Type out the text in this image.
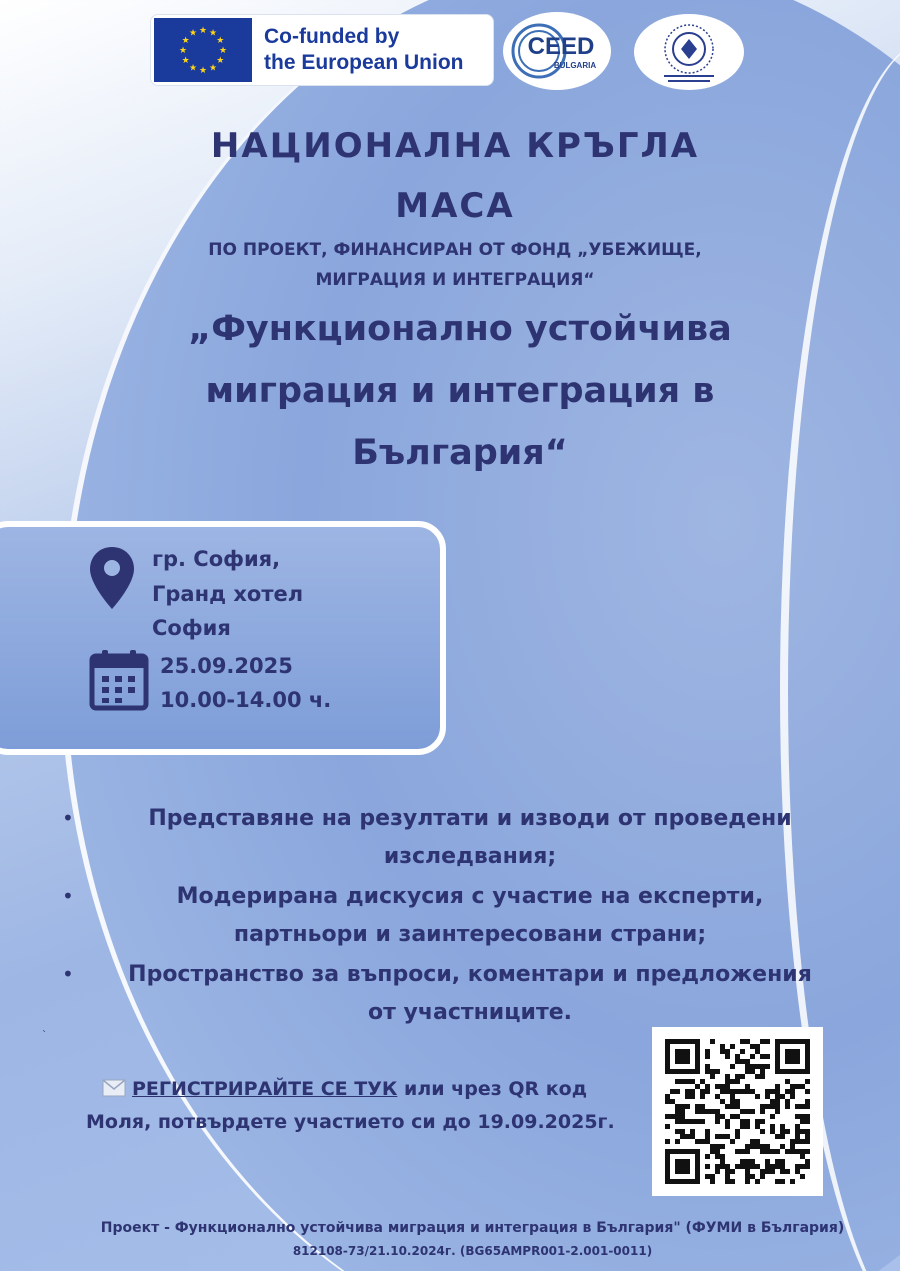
★
★
★
★
★
★
★
★
★ ★ ★
★ Co-funded by
the European Union
CEED
BULGARIA
НАЦИОНАЛНА КРЪГЛА
МАСА
ПО ПРОЕКТ, ФИНАНСИРАН ОТ ФОНД „УБЕЖИЩЕ,
МИГРАЦИЯ И ИНТЕГРАЦИЯ“
„Функционално устойчива
миграция и интеграция в
България“
гр. София,
Гранд хотел
София
25.09.2025
10.00-14.00 ч.
•	Представяне на резултати и изводи от проведени
изследвания;
•	Модерирана дискусия с участие на експерти,
партньори и заинтересовани страни;
•	Пространство за въпроси, коментари и предложения
от участниците.
`
РЕГИСТРИРАЙТЕ СЕ ТУК или чрез QR код
Моля, потвърдете участието си до 19.09.2025г.
Проект - Функционално устойчива миграция и интеграция в България" (ФУМИ в България)
812108-73/21.10.2024г. (BG65AMPR001-2.001-0011)
